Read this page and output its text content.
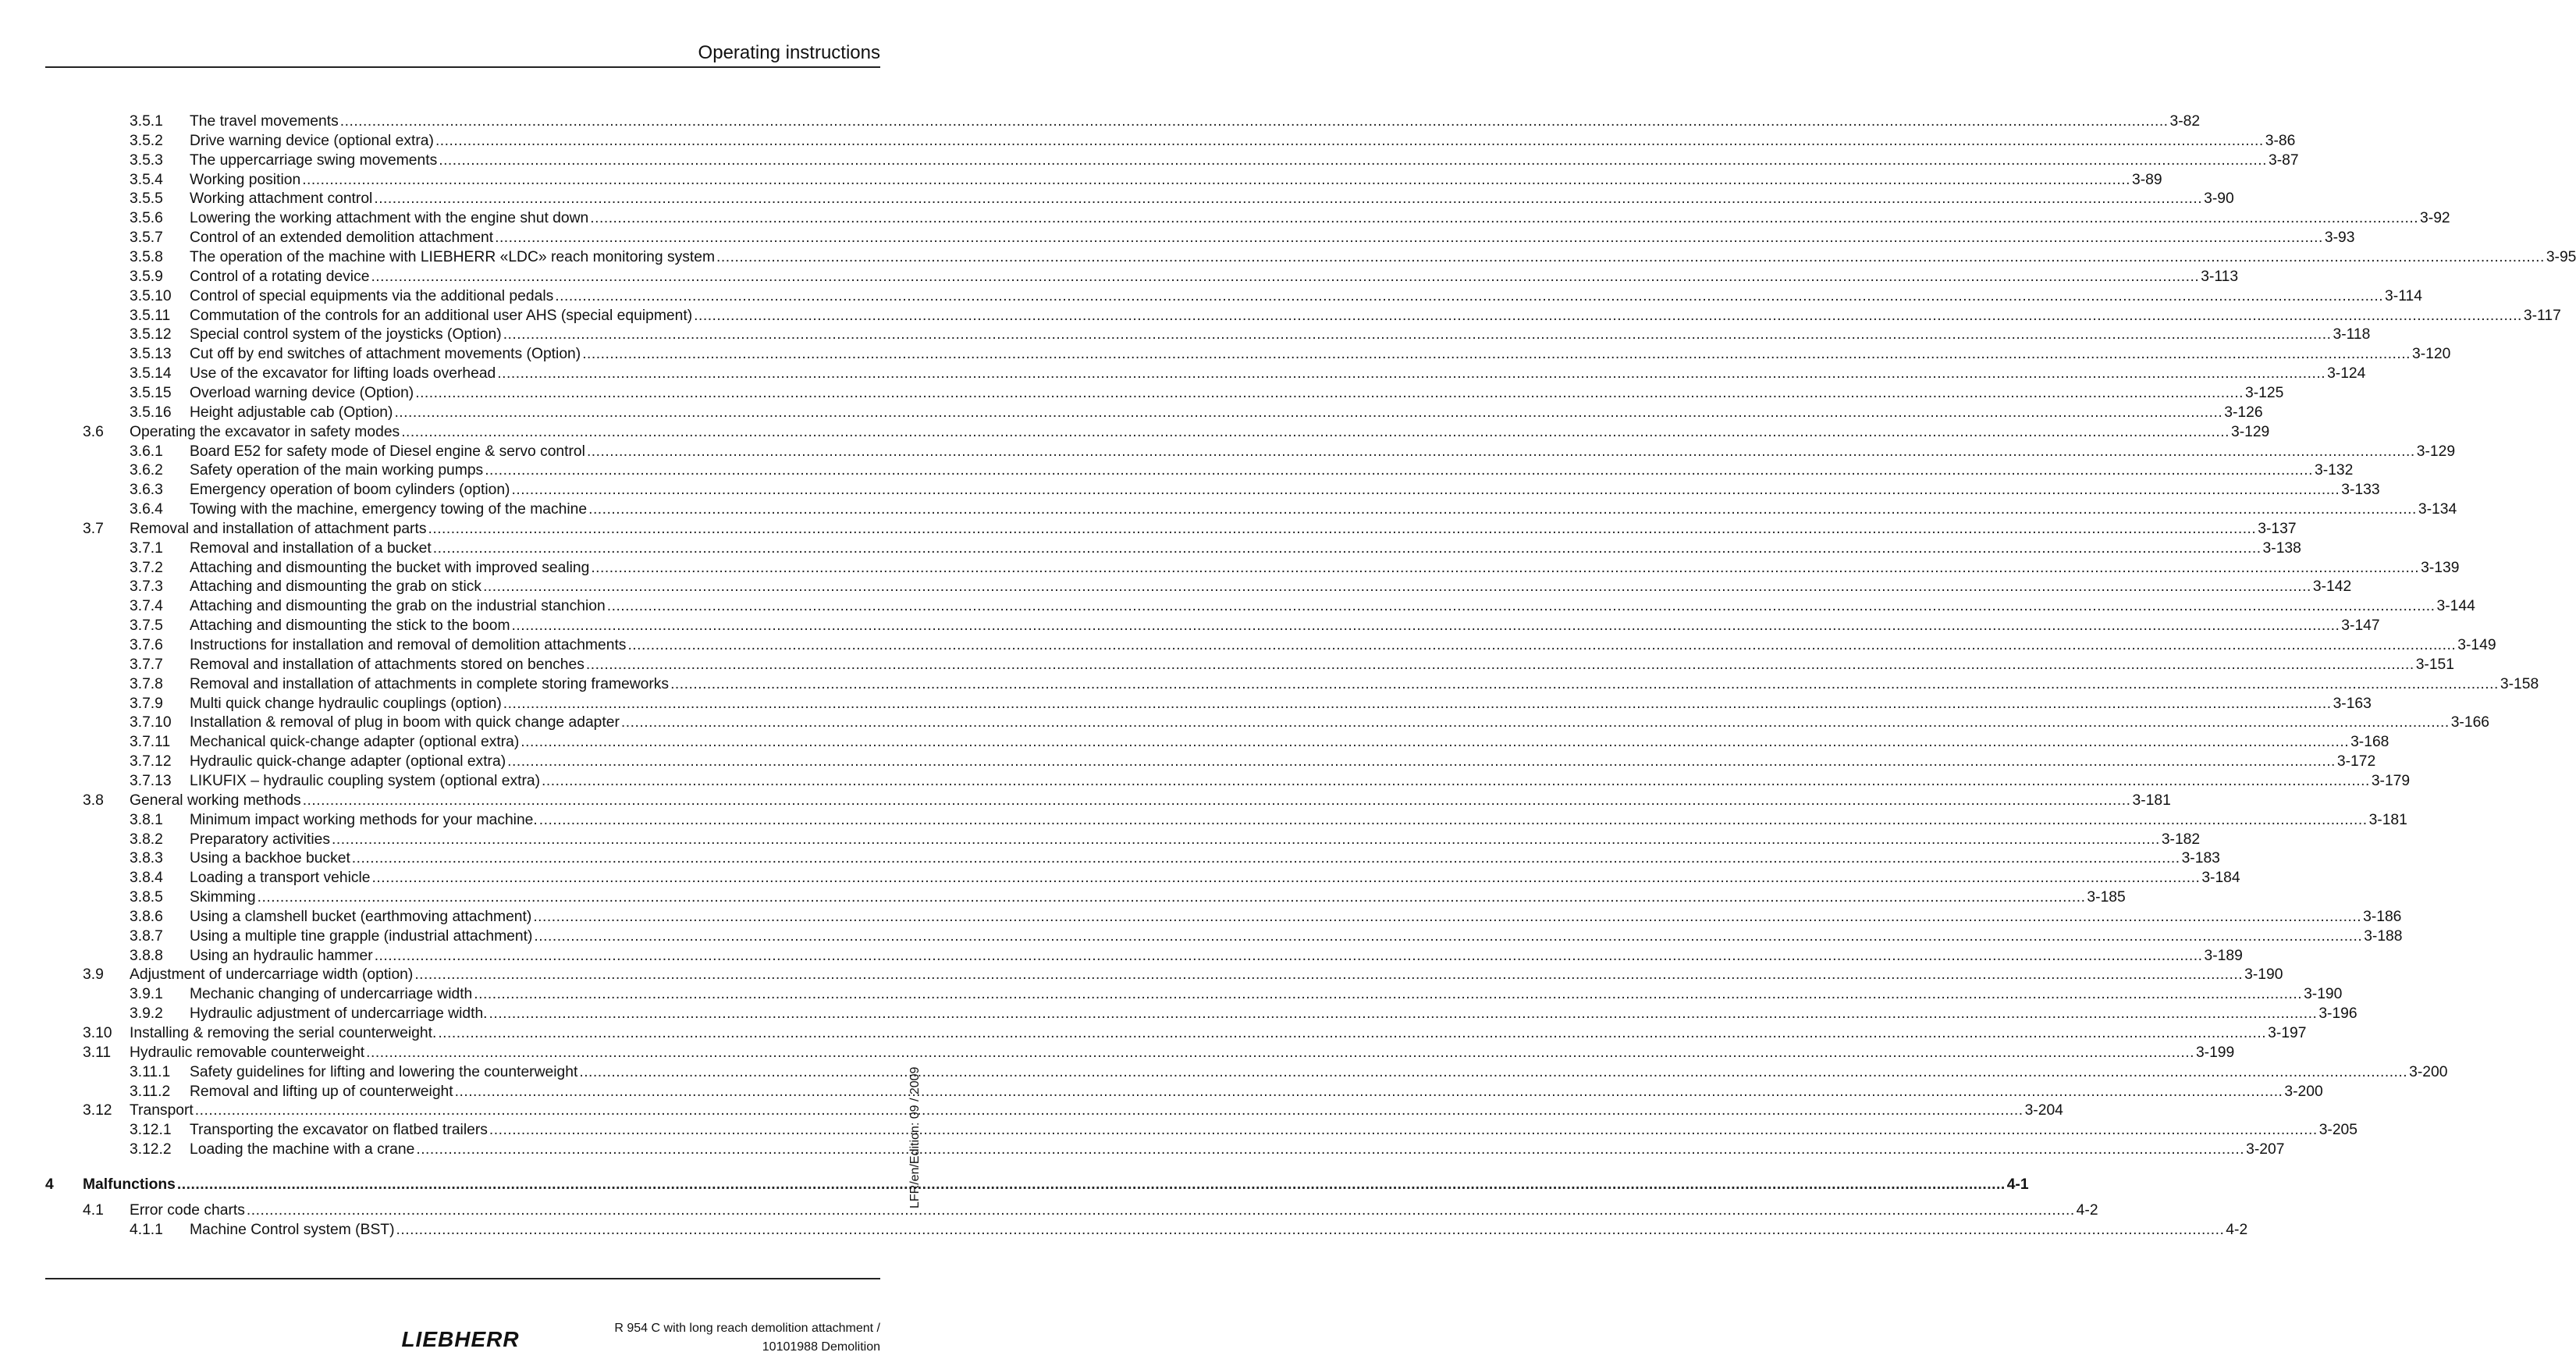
Operating instructions
3.5.1 The travel movements ................................................................................................................................................................................................................................................................................................................................................................................................................ 3-82
3.5.2 Drive warning device (optional extra) ................................................................................................................................................................................................................................................................................................................................................................................................................ 3-86
3.5.3 The uppercarriage swing movements ................................................................................................................................................................................................................................................................................................................................................................................................................ 3-87
3.5.4 Working position ................................................................................................................................................................................................................................................................................................................................................................................................................ 3-89
3.5.5 Working attachment control ................................................................................................................................................................................................................................................................................................................................................................................................................ 3-90
3.5.6 Lowering the working attachment with the engine shut down ................................................................................................................................................................................................................................................................................................................................................................................................................ 3-92
3.5.7 Control of an extended demolition attachment ................................................................................................................................................................................................................................................................................................................................................................................................................ 3-93
3.5.8 The operation of the machine with LIEBHERR «LDC» reach monitoring system ................................................................................................................................................................................................................................................................................................................................................................................................................ 3-95
3.5.9 Control of a rotating device ................................................................................................................................................................................................................................................................................................................................................................................................................ 3-113
3.5.10 Control of special equipments via the additional pedals ................................................................................................................................................................................................................................................................................................................................................................................................................ 3-114
3.5.11 Commutation of the controls for an additional user AHS (special equipment) ................................................................................................................................................................................................................................................................................................................................................................................................................ 3-117
3.5.12 Special control system of the joysticks (Option) ................................................................................................................................................................................................................................................................................................................................................................................................................ 3-118
3.5.13 Cut off by end switches of attachment movements (Option) ................................................................................................................................................................................................................................................................................................................................................................................................................ 3-120
3.5.14 Use of the excavator for lifting loads overhead ................................................................................................................................................................................................................................................................................................................................................................................................................ 3-124
3.5.15 Overload warning device (Option) ................................................................................................................................................................................................................................................................................................................................................................................................................ 3-125
3.5.16 Height adjustable cab (Option) ................................................................................................................................................................................................................................................................................................................................................................................................................ 3-126
3.6 Operating the excavator in safety modes ................................................................................................................................................................................................................................................................................................................................................................................................................ 3-129
3.6.1 Board E52 for safety mode of Diesel engine & servo control ................................................................................................................................................................................................................................................................................................................................................................................................................ 3-129
3.6.2 Safety operation of the main working pumps ................................................................................................................................................................................................................................................................................................................................................................................................................ 3-132
3.6.3 Emergency operation of boom cylinders (option) ................................................................................................................................................................................................................................................................................................................................................................................................................ 3-133
3.6.4 Towing with the machine, emergency towing of the machine ................................................................................................................................................................................................................................................................................................................................................................................................................ 3-134
3.7 Removal and installation of attachment parts ................................................................................................................................................................................................................................................................................................................................................................................................................ 3-137
3.7.1 Removal and installation of a bucket ................................................................................................................................................................................................................................................................................................................................................................................................................ 3-138
3.7.2 Attaching and dismounting the bucket with improved sealing ................................................................................................................................................................................................................................................................................................................................................................................................................ 3-139
3.7.3 Attaching and dismounting the grab on stick ................................................................................................................................................................................................................................................................................................................................................................................................................ 3-142
3.7.4 Attaching and dismounting the grab on the industrial stanchion ................................................................................................................................................................................................................................................................................................................................................................................................................ 3-144
3.7.5 Attaching and dismounting the stick to the boom ................................................................................................................................................................................................................................................................................................................................................................................................................ 3-147
3.7.6 Instructions for installation and removal of demolition attachments ................................................................................................................................................................................................................................................................................................................................................................................................................ 3-149
3.7.7 Removal and installation of attachments stored on benches ................................................................................................................................................................................................................................................................................................................................................................................................................ 3-151
3.7.8 Removal and installation of attachments in complete storing frameworks ................................................................................................................................................................................................................................................................................................................................................................................................................ 3-158
3.7.9 Multi quick change hydraulic couplings (option) ................................................................................................................................................................................................................................................................................................................................................................................................................ 3-163
3.7.10 Installation & removal of plug in boom with quick change adapter ................................................................................................................................................................................................................................................................................................................................................................................................................ 3-166
3.7.11 Mechanical quick-change adapter (optional extra) ................................................................................................................................................................................................................................................................................................................................................................................................................ 3-168
3.7.12 Hydraulic quick-change adapter (optional extra) ................................................................................................................................................................................................................................................................................................................................................................................................................ 3-172
3.7.13 LIKUFIX – hydraulic coupling system (optional extra) ................................................................................................................................................................................................................................................................................................................................................................................................................ 3-179
3.8 General working methods ................................................................................................................................................................................................................................................................................................................................................................................................................ 3-181
3.8.1 Minimum impact working methods for your machine. ................................................................................................................................................................................................................................................................................................................................................................................................................ 3-181
3.8.2 Preparatory activities ................................................................................................................................................................................................................................................................................................................................................................................................................ 3-182
3.8.3 Using a backhoe bucket ................................................................................................................................................................................................................................................................................................................................................................................................................ 3-183
3.8.4 Loading a transport vehicle ................................................................................................................................................................................................................................................................................................................................................................................................................ 3-184
3.8.5 Skimming ................................................................................................................................................................................................................................................................................................................................................................................................................ 3-185
3.8.6 Using a clamshell bucket (earthmoving attachment) ................................................................................................................................................................................................................................................................................................................................................................................................................ 3-186
3.8.7 Using a multiple tine grapple (industrial attachment) ................................................................................................................................................................................................................................................................................................................................................................................................................ 3-188
3.8.8 Using an hydraulic hammer ................................................................................................................................................................................................................................................................................................................................................................................................................ 3-189
3.9 Adjustment of undercarriage width (option) ................................................................................................................................................................................................................................................................................................................................................................................................................ 3-190
3.9.1 Mechanic changing of undercarriage width ................................................................................................................................................................................................................................................................................................................................................................................................................ 3-190
3.9.2 Hydraulic adjustment of undercarriage width. ................................................................................................................................................................................................................................................................................................................................................................................................................ 3-196
3.10 Installing & removing the serial counterweight. ................................................................................................................................................................................................................................................................................................................................................................................................................ 3-197
3.11 Hydraulic removable counterweight ................................................................................................................................................................................................................................................................................................................................................................................................................ 3-199
3.11.1 Safety guidelines for lifting and lowering the counterweight ................................................................................................................................................................................................................................................................................................................................................................................................................ 3-200
3.11.2 Removal and lifting up of counterweight ................................................................................................................................................................................................................................................................................................................................................................................................................ 3-200
3.12 Transport ................................................................................................................................................................................................................................................................................................................................................................................................................ 3-204
3.12.1 Transporting the excavator on flatbed trailers ................................................................................................................................................................................................................................................................................................................................................................................................................ 3-205
3.12.2 Loading the machine with a crane ................................................................................................................................................................................................................................................................................................................................................................................................................ 3-207
4 Malfunctions ................................................................................................................................................................................................................................................................................................................................................................................................................ 4-1
4.1 Error code charts ................................................................................................................................................................................................................................................................................................................................................................................................................ 4-2
4.1.1 Machine Control system (BST) ................................................................................................................................................................................................................................................................................................................................................................................................................ 4-2
LFR/en/Edition: 09 / 2009
LIEBHERR	R 954 C with long reach demolition attachment /
10101988 Demolition
